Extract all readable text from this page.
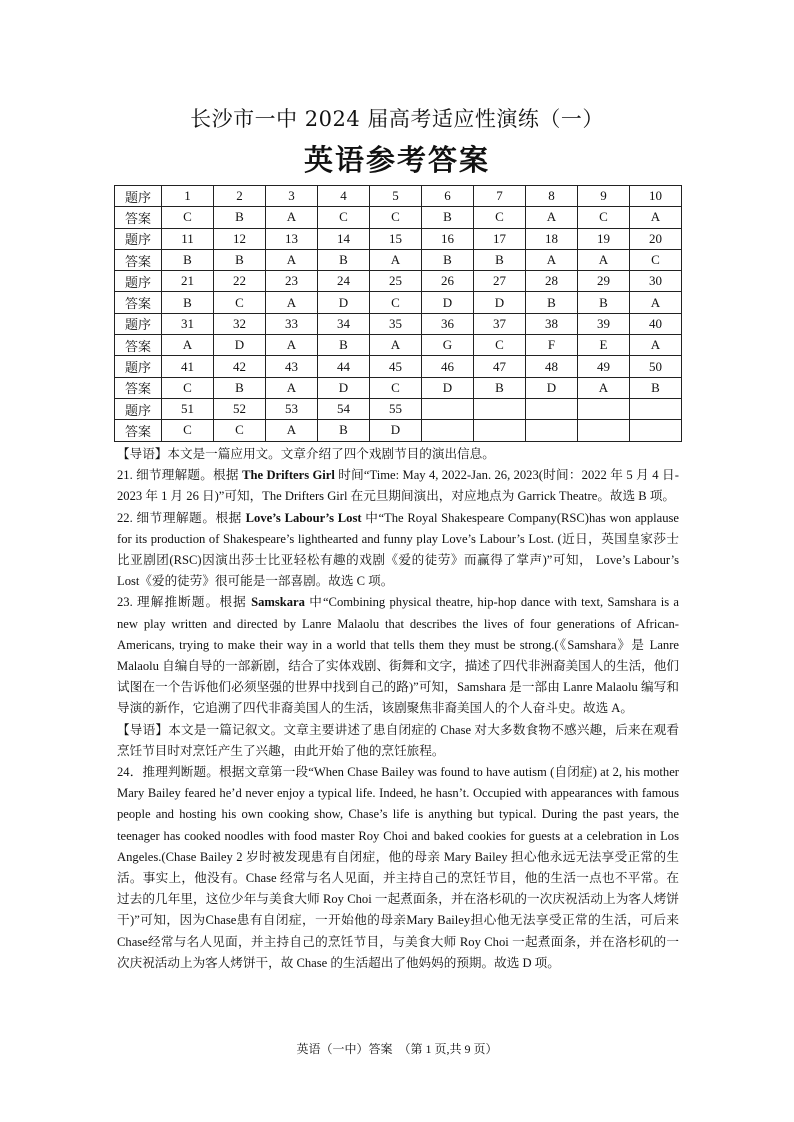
长沙市一中 2024 届高考适应性演练（一）
英语参考答案
题序	1	2	3	4	5	6	7	8	9	10
答案	C	B	A	C	C	B	C	A	C	A
题序	11	12	13	14	15	16	17	18	19	20
答案	B	B	A	B	A	B	B	A	A	C
题序	21	22	23	24	25	26	27	28	29	30
答案	B	C	A	D	C	D	D	B	B	A
题序	31	32	33	34	35	36	37	38	39	40
答案	A	D	A	B	A	G	C	F	E	A
题序	41	42	43	44	45	46	47	48	49	50
答案	C	B	A	D	C	D	B	D	A	B
题序	51	52	53	54	55					
答案	C	C	A	B	D					

【导语】本文是一篇应用文。文章介绍了四个戏剧节目的演出信息。

21. 细节理解题。根据 The Drifters Girl 时间“Time: May 4, 2022-Jan. 26, 2023(时间：2022 年 5 月 4 日- 2023 年 1 月 26 日)”可知，The Drifters Girl 在元旦期间演出，对应地点为 Garrick Theatre。故选 B 项。

22. 细节理解题。根据 Love’s Labour’s Lost 中“The Royal Shakespeare Company(RSC)has won applause for its production of Shakespeare’s lighthearted and funny play Love’s Labour’s Lost. (近日，英国皇家莎士比亚剧团(RSC)因演出莎士比亚轻松有趣的戏剧《爱的徒劳》而赢得了掌声)”可知， Love’s Labour’s Lost《爱的徒劳》很可能是一部喜剧。故选 C 项。

23. 理解推断题。根据 Samskara 中“Combining physical theatre, hip-hop dance with text, Samshara is a new play written and directed by Lanre Malaolu that describes the lives of four generations of African-Americans, trying to make their way in a world that tells them they must be strong.(《Samshara》是 Lanre Malaolu 自编自导的一部新剧，结合了实体戏剧、街舞和文字，描述了四代非洲裔美国人的生活，他们试图在一个告诉他们必须坚强的世界中找到自己的路)”可知，Samshara 是一部由 Lanre Malaolu 编写和导演的新作，它追溯了四代非裔美国人的生活，该剧聚焦非裔美国人的个人奋斗史。故选 A。

【导语】本文是一篇记叙文。文章主要讲述了患自闭症的 Chase 对大多数食物不感兴趣，后来在观看烹饪节目时对烹饪产生了兴趣，由此开始了他的烹饪旅程。

24．推理判断题。根据文章第一段“When Chase Bailey was found to have autism (自闭症) at 2, his mother Mary Bailey feared he’d never enjoy a typical life. Indeed, he hasn’t. Occupied with appearances with famous people and hosting his own cooking show, Chase’s life is anything but typical. During the past years, the teenager has cooked noodles with food master Roy Choi and baked cookies for guests at a celebration in Los Angeles.(Chase Bailey 2 岁时被发现患有自闭症，他的母亲 Mary Bailey 担心他永远无法享受正常的生活。事实上，他没有。Chase 经常与名人见面，并主持自己的烹饪节目，他的生活一点也不平常。在过去的几年里，这位少年与美食大师 Roy Choi 一起煮面条，并在洛杉矶的一次庆祝活动上为客人烤饼干)”可知，因为Chase患有自闭症，一开始他的母亲Mary Bailey担心他无法享受正常的生活，可后来Chase经常与名人见面，并主持自己的烹饪节目，与美食大师 Roy Choi 一起煮面条，并在洛杉矶的一次庆祝活动上为客人烤饼干，故 Chase 的生活超出了他妈妈的预期。故选 D 项。

英语（一中）答案　（第 1 页,共 9 页）
